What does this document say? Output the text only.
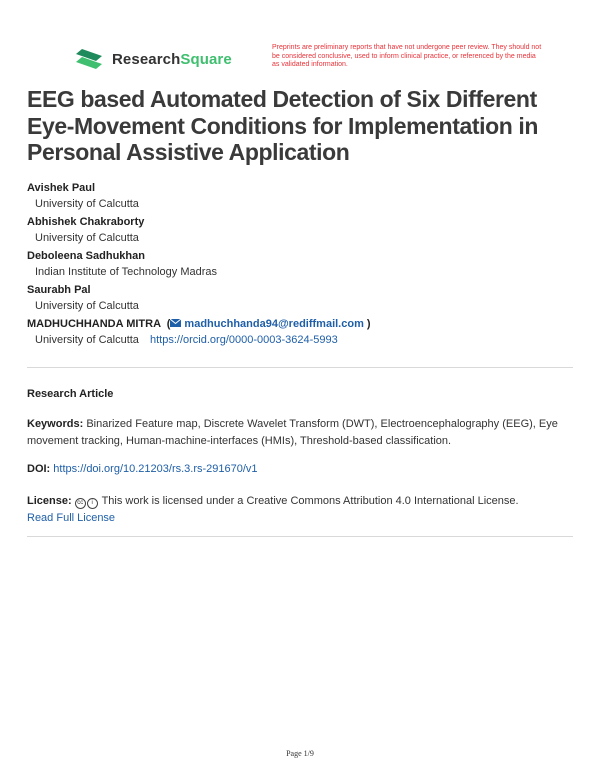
ResearchSquare
Preprints are preliminary reports that have not undergone peer review. They should not be considered conclusive, used to inform clinical practice, or referenced by the media as validated information.
EEG based Automated Detection of Six Different Eye-Movement Conditions for Implementation in Personal Assistive Application
Avishek Paul
University of Calcutta
Abhishek Chakraborty
University of Calcutta
Deboleena Sadhukhan
Indian Institute of Technology Madras
Saurabh Pal
University of Calcutta
MADHUCHHANDA MITRA  ( madhuchhanda94@rediffmail.com )
University of Calcutta https://orcid.org/0000-0003-3624-5993
Research Article
Keywords: Binarized Feature map, Discrete Wavelet Transform (DWT), Electroencephalography (EEG), Eye movement tracking, Human-machine-interfaces (HMIs), Threshold-based classification.
DOI: https://doi.org/10.21203/rs.3.rs-291670/v1
License: cc i This work is licensed under a Creative Commons Attribution 4.0 International License.
Read Full License
Page 1/9
